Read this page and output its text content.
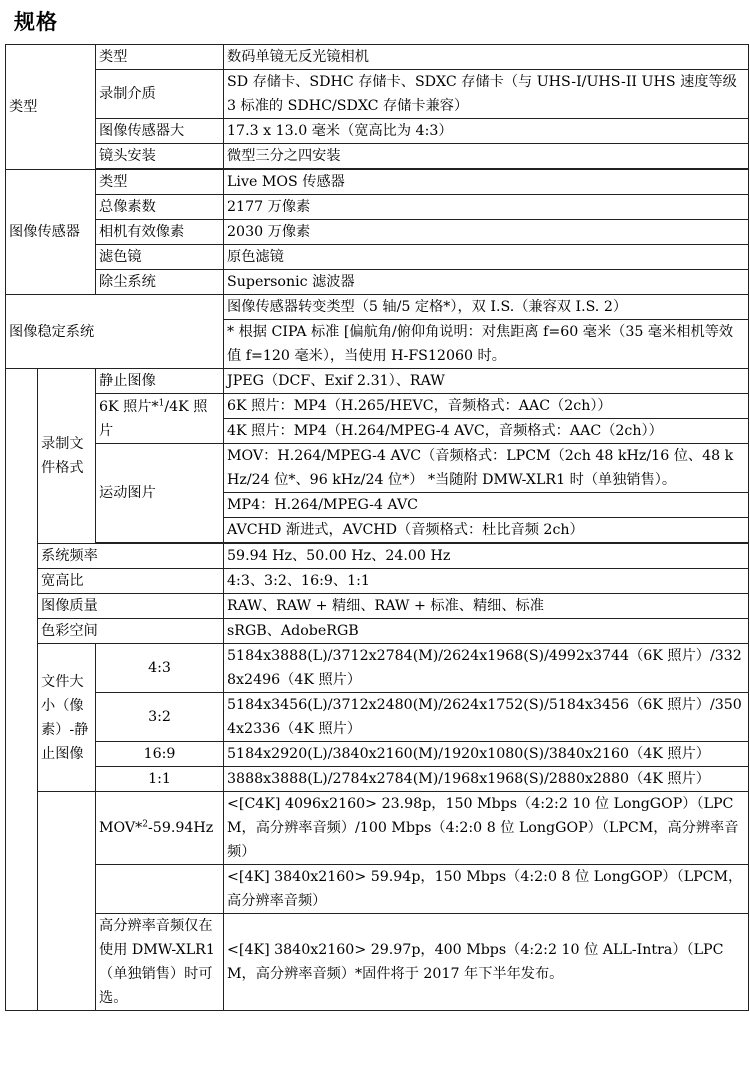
规格
类型		类型	数码单镜无反光镜相机
		录制介质	SD 存储卡、SDHC 存储卡、SDXC 存储卡（与 UHS-I/UHS-II UHS 速度等级 3 标准的 SDHC/SDXC 存储卡兼容）
		图像传感器大	17.3 x 13.0 毫米（宽高比为 4:3）
		镜头安装	微型三分之四安装

图像传感器		类型	Live MOS 传感器
		总像素数	2177 万像素
		相机有效像素	2030 万像素
		滤色镜	原色滤镜
		除尘系统	Supersonic 滤波器
图像稳定系统			图像传感器转变类型（5 轴/5 定格*），双 I.S.（兼容双 I.S. 2）
			* 根据 CIPA 标准 [偏航角/俯仰角说明：对焦距离 f=60 毫米（35 毫米相机等效值 f=120 毫米），当使用 H-FS12060 时。
	录制文件格式	静止图像	JPEG（DCF、Exif 2.31）、RAW
		6K 照片*$^1$/4K 照片	6K 照片：MP4（H.265/HEVC，音频格式：AAC（2ch））
			4K 照片：MP4（H.264/MPEG-4 AVC，音频格式：AAC（2ch））
		运动图片	MOV：H.264/MPEG-4 AVC（音频格式：LPCM（2ch 48 kHz/16 位、48 kHz/24 位*、96 kHz/24 位*） *当随附 DMW-XLR1 时（单独销售）。
			MP4：H.264/MPEG-4 AVC
			AVCHD 渐进式，AVCHD（音频格式：杜比音频 2ch）

	系统频率		59.94 Hz、50.00 Hz、24.00 Hz
	宽高比		4:3、3:2、16:9、1:1
	图像质量		RAW、RAW + 精细、RAW + 标准、精细、标准
	色彩空间		sRGB、AdobeRGB
	文件大小（像素）-静止图像	4:3	5184x3888(L)/3712x2784(M)/2624x1968(S)/4992x3744（6K 照片）/3328x2496（4K 照片）
		3:2	5184x3456(L)/3712x2480(M)/2624x1752(S)/5184x3456（6K 照片）/3504x2336（4K 照片）
		16:9	5184x2920(L)/3840x2160(M)/1920x1080(S)/3840x2160（4K 照片）
		1:1	3888x3888(L)/2784x2784(M)/1968x1968(S)/2880x2880（4K 照片）
		MOV*$^2$-59.94Hz	<[C4K] 4096x2160> 23.98p，150 Mbps（4:2:2 10 位 LongGOP）（LPCM，高分辨率音频）/100 Mbps（4:2:0 8 位 LongGOP）（LPCM，高分辨率音频）
			<[4K] 3840x2160> 59.94p，150 Mbps（4:2:0 8 位 LongGOP）（LPCM，高分辨率音频）
		高分辨率音频仅在使用 DMW-XLR1（单独销售）时可选。	<[4K] 3840x2160> 29.97p，400 Mbps（4:2:2 10 位 ALL-Intra）（LPCM，高分辨率音频）*固件将于 2017 年下半年发布。
